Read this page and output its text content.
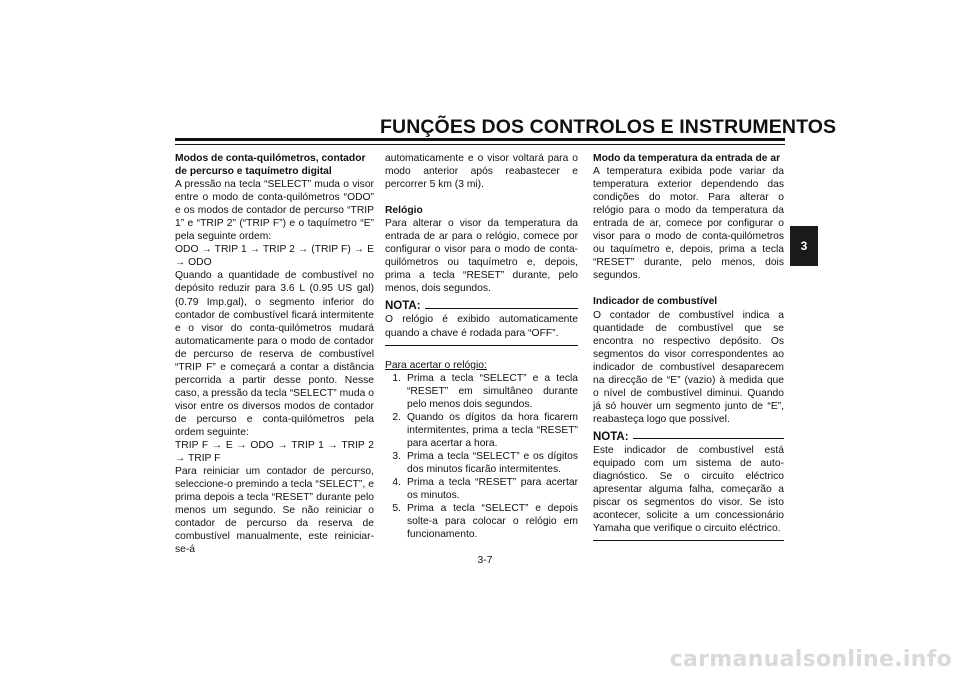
FUNÇÕES DOS CONTROLOS E INSTRUMENTOS
3

Modos de conta-quilómetros, contador de percurso e taquímetro digital

A pressão na tecla “SELECT” muda o visor entre o modo de conta-quilómetros “ODO” e os modos de contador de percurso “TRIP 1” e “TRIP 2” (“TRIP F”) e o taquímetro “E” pela seguinte ordem:

ODO → TRIP 1 → TRIP 2 → (TRIP F) → E → ODO

Quando a quantidade de combustível no depósito reduzir para 3.6 L (0.95 US gal) (0.79 Imp.gal), o segmento inferior do contador de combustível ficará intermitente e o visor do conta-quilómetros mudará automaticamente para o modo de contador de percurso de reserva de combustível “TRIP F” e começará a contar a distância percorrida a partir desse ponto. Nesse caso, a pressão da tecla “SELECT” muda o visor entre os diversos modos de contador de percurso e conta-quilómetros pela ordem seguinte:

TRIP F → E → ODO → TRIP 1 → TRIP 2 → TRIP F

Para reiniciar um contador de percurso, seleccione-o premindo a tecla “SELECT”, e prima depois a tecla “RESET” durante pelo menos um segundo. Se não reiniciar o contador de percurso da reserva de combustível manualmente, este reiniciar-se-á

automaticamente e o visor voltará para o modo anterior após reabastecer e percorrer 5 km (3 mi).

Relógio

Para alterar o visor da temperatura da entrada de ar para o relógio, comece por configurar o visor para o modo de conta-quilómetros ou taquímetro e, depois, prima a tecla “RESET” durante, pelo menos, dois segundos.

NOTA:

O relógio é exibido automaticamente quando a chave é rodada para “OFF”.

Para acertar o relógio:

1. Prima a tecla “SELECT” e a tecla “RESET” em simultâneo durante pelo menos dois segundos.
2. Quando os dígitos da hora ficarem intermitentes, prima a tecla “RESET” para acertar a hora.
3. Prima a tecla “SELECT” e os dígitos dos minutos ficarão intermitentes.
4. Prima a tecla “RESET” para acertar os minutos.
5. Prima a tecla “SELECT” e depois solte-a para colocar o relógio em funcionamento.

Modo da temperatura da entrada de ar

A temperatura exibida pode variar da temperatura exterior dependendo das condições do motor. Para alterar o relógio para o modo da temperatura da entrada de ar, comece por configurar o visor para o modo de conta-quilómetros ou taquímetro e, depois, prima a tecla “RESET” durante, pelo menos, dois segundos.

Indicador de combustível

O contador de combustível indica a quantidade de combustível que se encontra no respectivo depósito. Os segmentos do visor correspondentes ao indicador de combustível desaparecem na direcção de “E” (vazio) à medida que o nível de combustível diminui. Quando já só houver um segmento junto de “E”, reabasteça logo que possível.

NOTA:

Este indicador de combustível está equipado com um sistema de auto-diagnóstico. Se o circuito eléctrico apresentar alguma falha, começarão a piscar os segmentos do visor. Se isto acontecer, solicite a um concessionário Yamaha que verifique o circuito eléctrico.

3-7
carmanualsonline.info
